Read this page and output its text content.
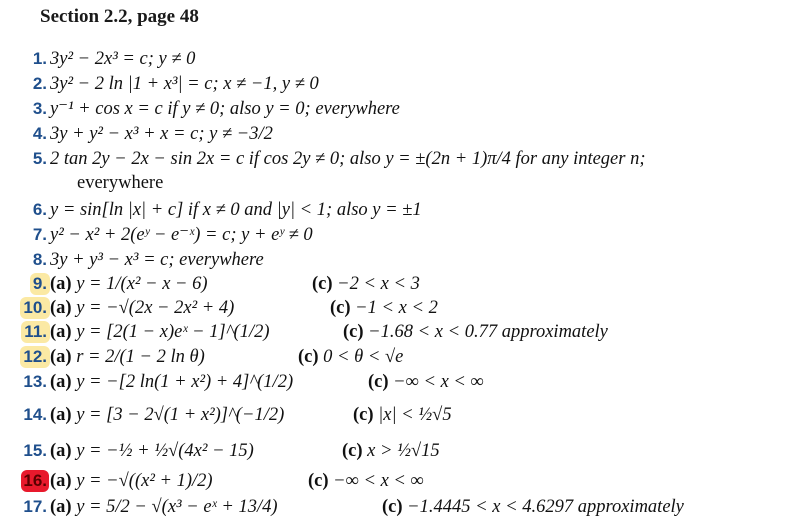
Section 2.2, page 48
1. 3y² − 2x³ = c; y ≠ 0
2. 3y² − 2 ln |1 + x³| = c; x ≠ −1, y ≠ 0
3. y⁻¹ + cos x = c if y ≠ 0; also y = 0; everywhere
4. 3y + y² − x³ + x = c; y ≠ −3/2
5. 2 tan 2y − 2x − sin 2x = c if cos 2y ≠ 0; also y = ±(2n + 1)π/4 for any integer n;
everywhere
6. y = sin[ln |x| + c] if x ≠ 0 and |y| < 1; also y = ±1
7. y² − x² + 2(eʸ − e⁻ˣ) = c; y + eʸ ≠ 0
8. 3y + y³ − x³ = c; everywhere
9. (a) y = 1/(x² − x − 6)	(c) −2 < x < 3
10. (a) y = −√(2x − 2x² + 4)	(c) −1 < x < 2
11. (a) y = [2(1 − x)eˣ − 1]^(1/2)	(c) −1.68 < x < 0.77 approximately
12. (a) r = 2/(1 − 2 ln θ)	(c) 0 < θ < √e
13. (a) y = −[2 ln(1 + x²) + 4]^(1/2)	(c) −∞ < x < ∞
14. (a) y = [3 − 2√(1 + x²)]^(−1/2)	(c) |x| < ½√5
15. (a) y = −½ + ½√(4x² − 15)	(c) x > ½√15
16. (a) y = −√((x² + 1)/2)	(c) −∞ < x < ∞
17. (a) y = 5/2 − √(x³ − eˣ + 13/4)	(c) −1.4445 < x < 4.6297 approximately
